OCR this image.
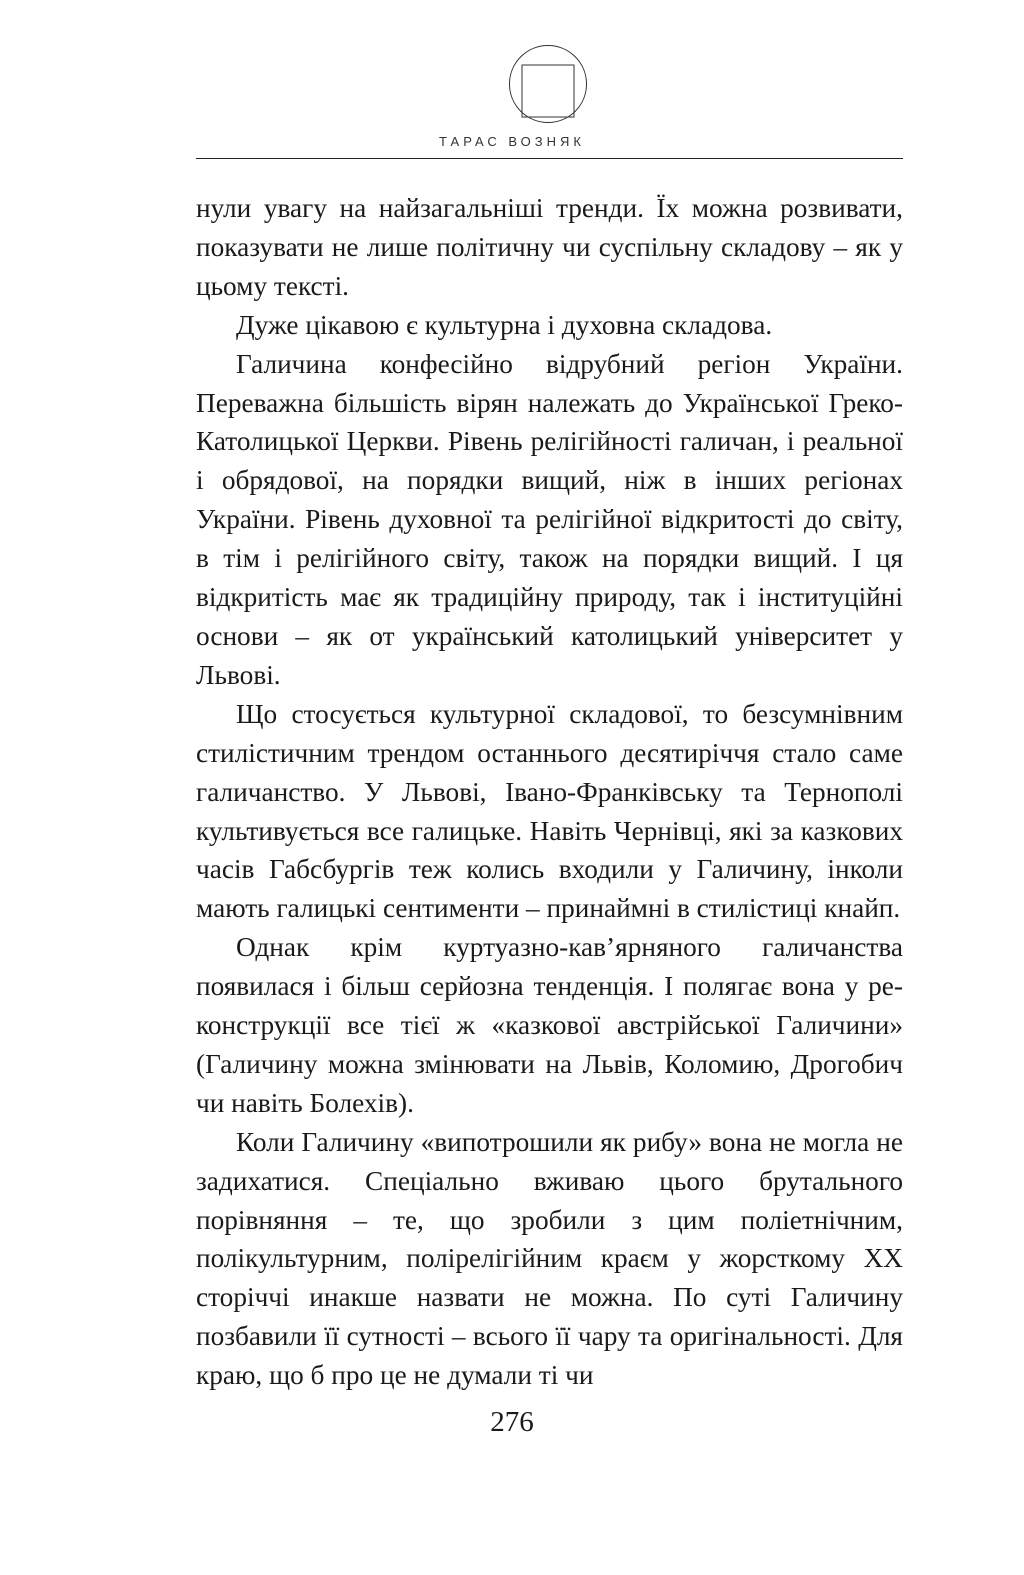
ТАРАС ВОЗНЯК

нули увагу на найзагальніші тренди. Їх можна розвивати, показувати не лише політичну чи суспільну складову – як у цьому тексті.

Дуже цікавою є культурна і духовна складова.

Галичина конфесійно відрубний регіон України. Переважна більшість вірян належать до Української Греко-Католицької Церкви. Рівень релігійності галичан, і реальної і обрядової, на порядки вищий, ніж в інших регіонах України. Рівень духовної та релігійної відкритості до світу, в тім і релігійного світу, також на порядки вищий. І ця відкритість має як традиційну природу, так і інституційні основи – як от український католицький університет у Львові.

Що стосується культурної складової, то безсумнівним стилістичним трендом останнього десятиріччя стало саме галичанство. У Львові, Івано-Франківську та Тернополі культивується все галицьке. Навіть Чернівці, які за казкових часів Габсбургів теж колись входили у Галичину, інколи мають галицькі сентименти – принаймні в стилістиці кнайп.

Однак крім куртуазно-кав’ярняного галичанства появилася і більш серйозна тенденція. І полягає вона у ре-конструкції все тієї ж «казкової австрійської Галичини» (Галичину можна змінювати на Львів, Коломию, Дрогобич чи навіть Болехів).

Коли Галичину «випотрошили як рибу» вона не могла не задихатися. Спеціально вживаю цього брутального порівняння – те, що зробили з цим поліетнічним, полікультурним, полірелігійним краєм у жорсткому XX сторіччі инакше назвати не можна. По суті Галичину позбавили її сутності – всього її чару та оригінальності. Для краю, що б про це не думали ті чи

276
